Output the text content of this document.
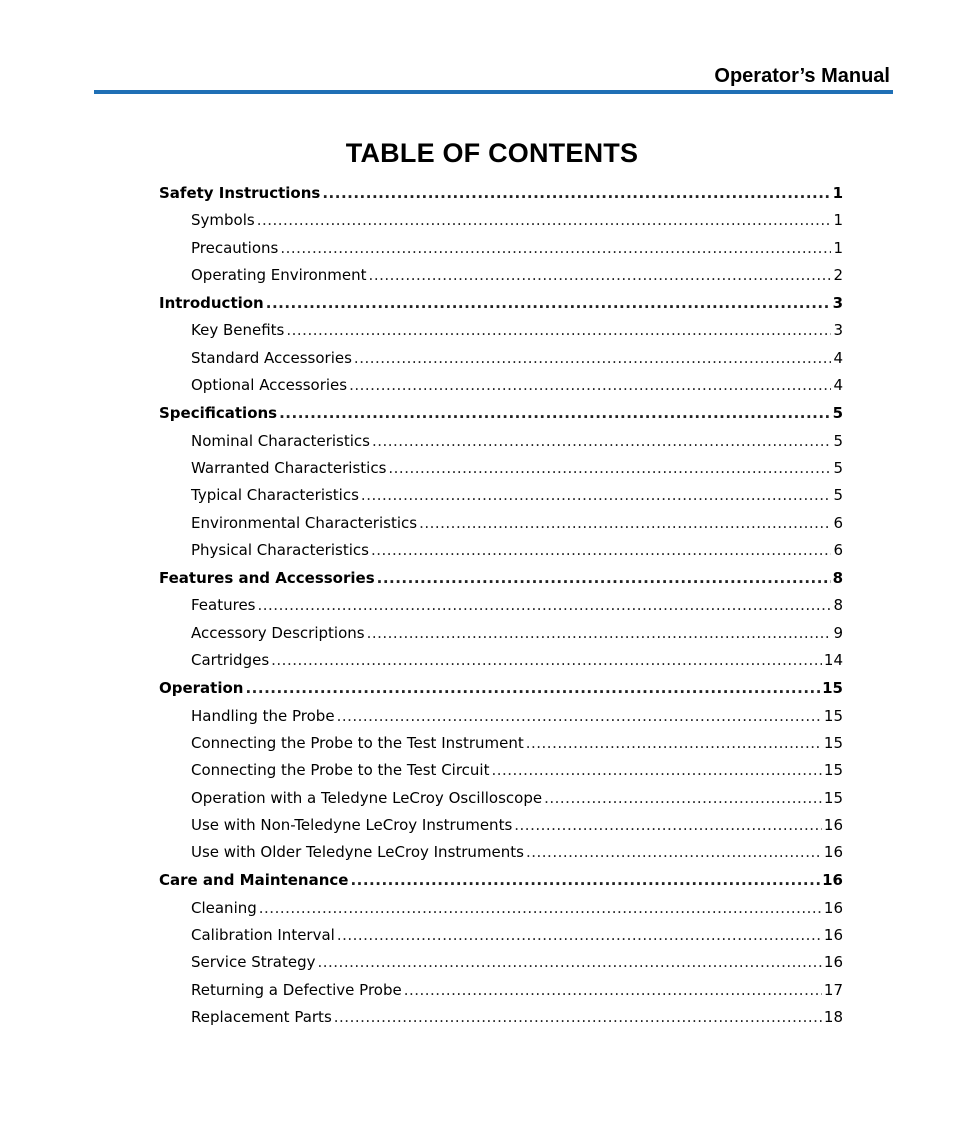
Operator’s Manual
TABLE OF CONTENTS
Safety Instructions .....	1
Symbols .....	1
Precautions .....	1
Operating Environment .....	2
Introduction .....	3
Key Benefits .....	3
Standard Accessories .....	4
Optional Accessories .....	4
Specifications .....	5
Nominal Characteristics .....	5
Warranted Characteristics .....	5
Typical Characteristics .....	5
Environmental Characteristics .....	6
Physical Characteristics .....	6
Features and Accessories .....	8
Features .....	8
Accessory Descriptions .....	9
Cartridges .....	14
Operation .....	15
Handling the Probe .....	15
Connecting the Probe to the Test Instrument .....	15
Connecting the Probe to the Test Circuit .....	15
Operation with a Teledyne LeCroy Oscilloscope .....	15
Use with Non-Teledyne LeCroy Instruments .....	16
Use with Older Teledyne LeCroy Instruments .....	16
Care and Maintenance .....	16
Cleaning .....	16
Calibration Interval .....	16
Service Strategy .....	16
Returning a Defective Probe .....	17
Replacement Parts .....	18
